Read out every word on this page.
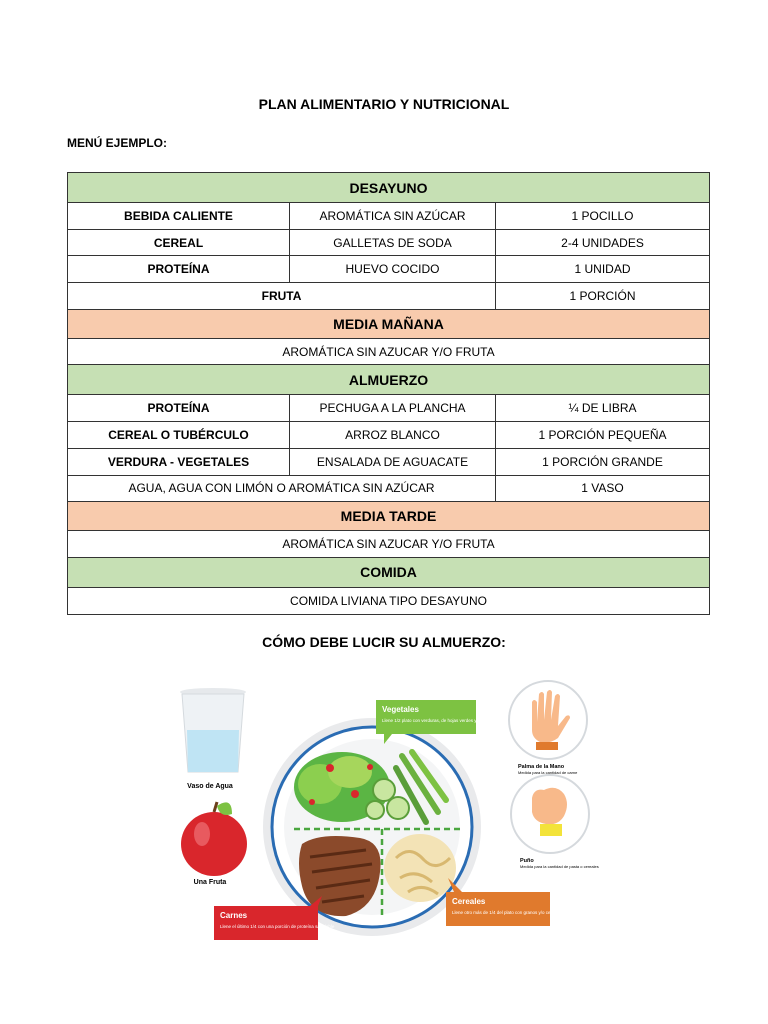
PLAN ALIMENTARIO Y NUTRICIONAL
MENÚ EJEMPLO:
DESAYUNO		
BEBIDA CALIENTE	AROMÁTICA SIN AZÚCAR	1 POCILLO
CEREAL	GALLETAS DE SODA	2-4 UNIDADES
PROTEÍNA	HUEVO COCIDO	1 UNIDAD
FRUTA		1 PORCIÓN
MEDIA MAÑANA		
AROMÁTICA SIN AZUCAR Y/O FRUTA		
ALMUERZO		
PROTEÍNA	PECHUGA A LA PLANCHA	¼ DE LIBRA
CEREAL O TUBÉRCULO	ARROZ BLANCO	1 PORCIÓN PEQUEÑA
VERDURA - VEGETALES	ENSALADA DE AGUACATE	1 PORCIÓN GRANDE
AGUA, AGUA CON LIMÓN O AROMÁTICA SIN AZÚCAR		1 VASO
MEDIA TARDE		
AROMÁTICA SIN AZUCAR Y/O FRUTA		
COMIDA		
COMIDA LIVIANA TIPO DESAYUNO		
CÓMO DEBE LUCIR SU ALMUERZO:
Vaso de Agua
Una Fruta
Vegetales
Llene 1/2 plato con verduras, de hojas verdes y otros vegetales
Carnes
Llene el último 1/4 con una porción de proteína saludable
Cereales
Llene otro más de 1/4 del plato con granos y/o cereales
Palma de la Mano
Medida para la cantidad de carne
Puño
Medida para la cantidad de pasta o cereales
